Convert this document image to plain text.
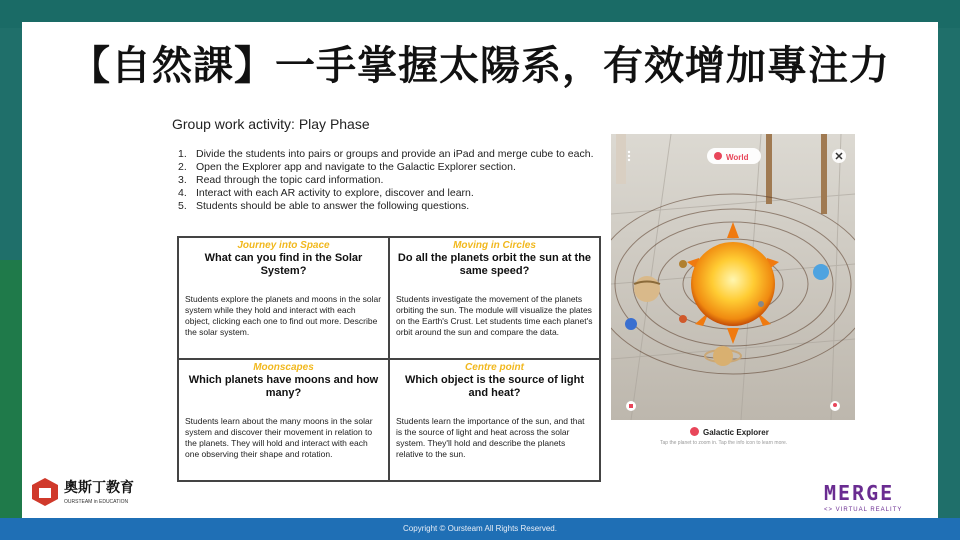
【自然課】一手掌握太陽系，有效增加專注力
Group work activity: Play Phase
1. Divide the students into pairs or groups and provide an iPad and merge cube to each.
2. Open the Explorer app and navigate to the Galactic Explorer section.
3. Read through the topic card information.
4. Interact with each AR activity to explore, discover and learn.
5. Students should be able to answer the following questions.
Journey into Space
What can you find in the Solar System?
Students explore the planets and moons in the solar system while they hold and interact with each object, clicking each one to find out more. Describe the solar system.
Moving in Circles
Do all the planets orbit the sun at the same speed?
Students investigate the movement of the planets orbiting the sun. The module will visualize the plates on the Earth's Crust. Let students time each planet's orbit around the sun and compare the data.
Moonscapes
Which planets have moons and how many?
Students learn about the many moons in the solar system and discover their movement in relation to the planets. They will hold and interact with each one observing their shape and rotation.
Centre point
Which object is the source of light and heat?
Students learn the importance of the sun, and that is the source of light and heat across the solar system. They'll hold and describe the planets relative to the sun.
World
Galactic Explorer
Tap the planet to zoom in. Tap the info icon to learn more.
奧斯丁教育
OURSTEAM in EDUCATION	MERGE
<> VIRTUAL REALITY
Copyright © Oursteam All Rights Reserved.
